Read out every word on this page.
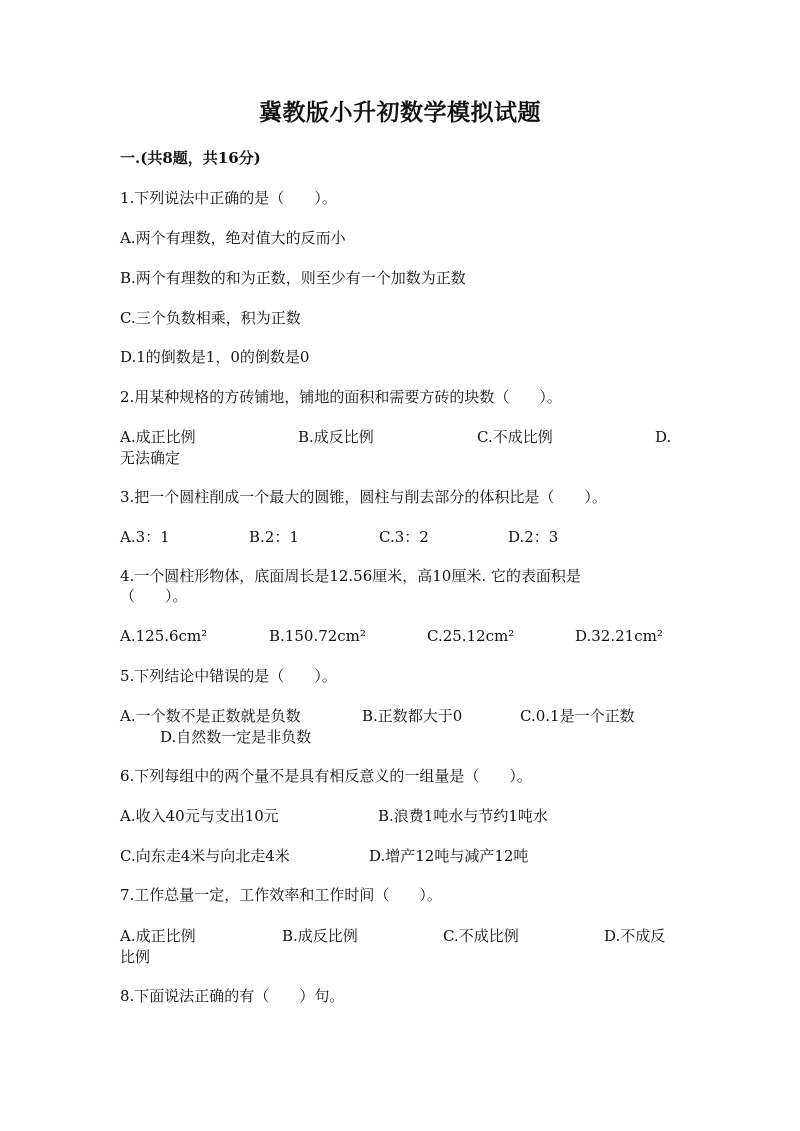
冀教版小升初数学模拟试题
一.(共8题，共16分)
1.下列说法中正确的是（　　）。
A.两个有理数，绝对值大的反而小
B.两个有理数的和为正数，则至少有一个加数为正数
C.三个负数相乘，积为正数
D.1的倒数是1，0的倒数是0
2.用某种规格的方砖铺地，铺地的面积和需要方砖的块数（　　）。
A.成正比例	B.成反比例	C.不成比例	D.
无法确定
3.把一个圆柱削成一个最大的圆锥，圆柱与削去部分的体积比是（　　）。
A.3：1	B.2：1	C.3：2	D.2：3
4.一个圆柱形物体，底面周长是12.56厘米，高10厘米. 它的表面积是
（　　）。
A.125.6cm²	B.150.72cm²	C.25.12cm²	D.32.21cm²
5.下列结论中错误的是（　　）。
A.一个数不是正数就是负数	B.正数都大于0	C.0.1是一个正数
D.自然数一定是非负数
6.下列每组中的两个量不是具有相反意义的一组量是（　　）。
A.收入40元与支出10元	B.浪费1吨水与节约1吨水
C.向东走4米与向北走4米	D.增产12吨与减产12吨
7.工作总量一定，工作效率和工作时间（　　）。
A.成正比例	B.成反比例	C.不成比例	D.不成反
比例
8.下面说法正确的有（　　）句。
